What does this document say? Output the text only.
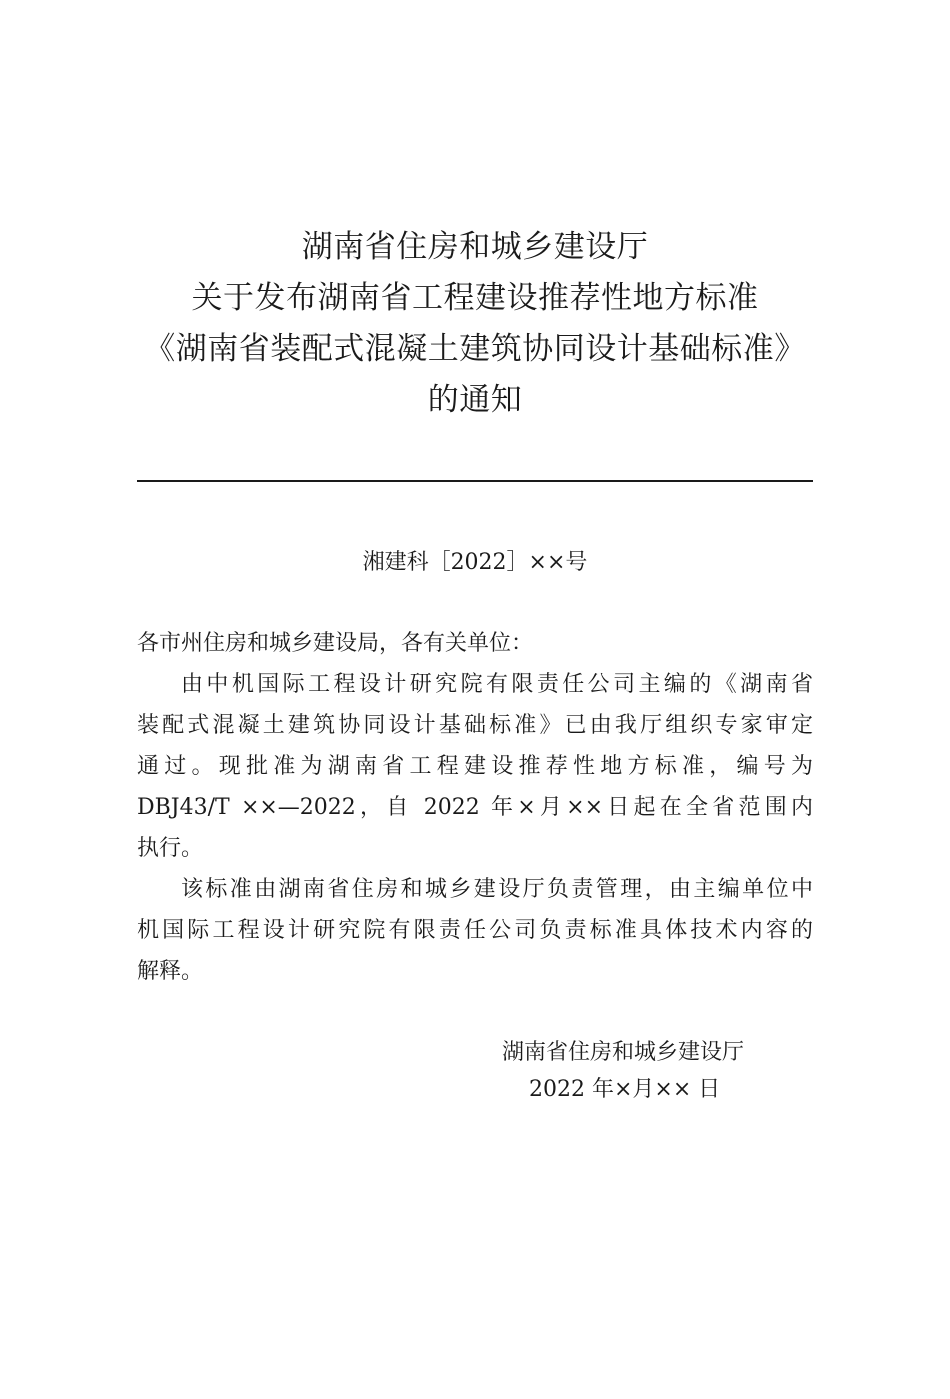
湖南省住房和城乡建设厅
关于发布湖南省工程建设推荐性地方标准
《湖南省装配式混凝土建筑协同设计基础标准》
的通知
湘建科［2022］××号
各市州住房和城乡建设局，各有关单位：
由中机国际工程设计研究院有限责任公司主编的《湖南省
装配式混凝土建筑协同设计基础标准》已由我厅组织专家审定
通过。现批准为湖南省工程建设推荐性地方标准，编号为
DBJ43/T ××—2022，自 2022 年×月××日起在全省范围内
执行。
该标准由湖南省住房和城乡建设厅负责管理，由主编单位中
机国际工程设计研究院有限责任公司负责标准具体技术内容的
解释。
湖南省住房和城乡建设厅
2022 年×月×× 日
